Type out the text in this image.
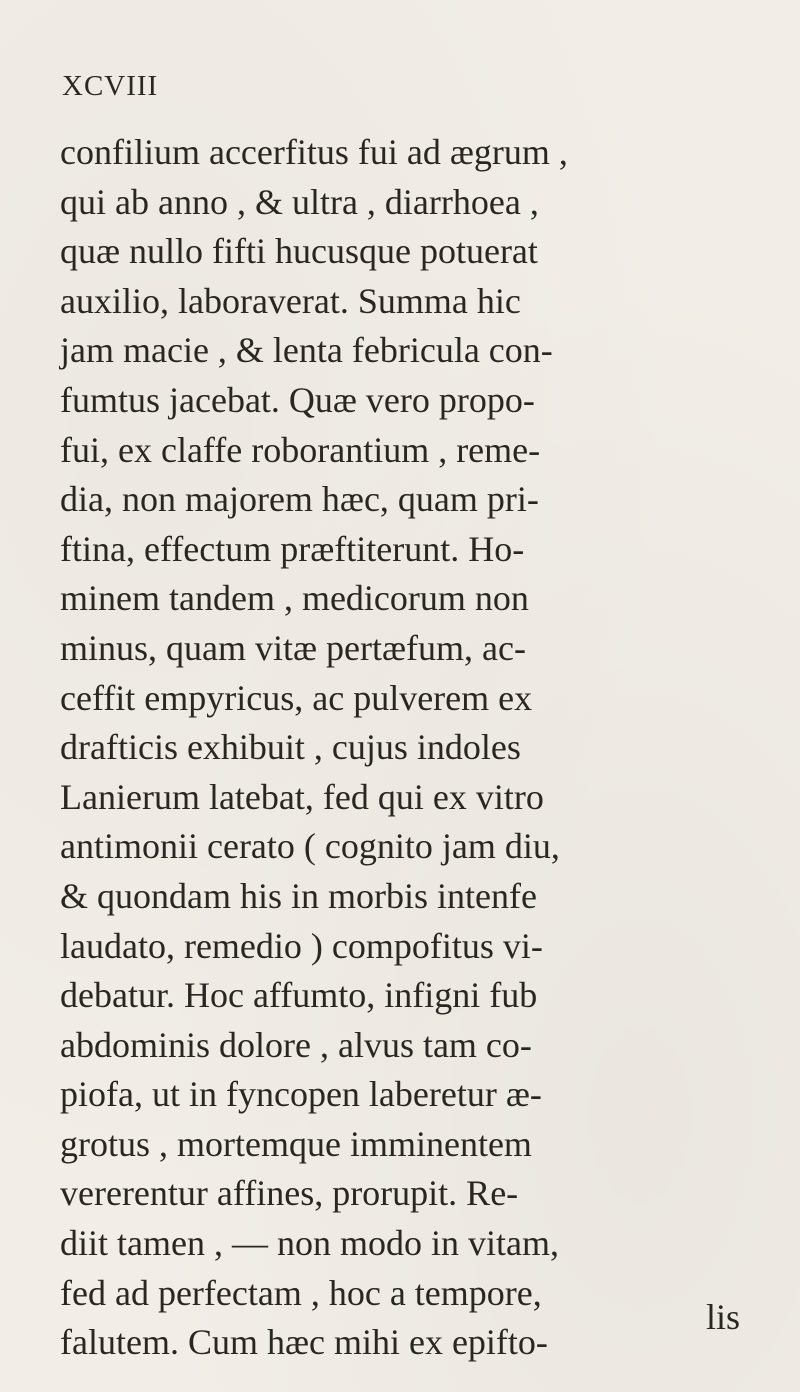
XCVIII
confilium accerfitus fui ad ægrum ,
qui ab anno , & ultra , diarrhoea ,
quæ nullo fifti hucusque potuerat
auxilio, laboraverat. Summa hic
jam macie , & lenta febricula con-
fumtus jacebat. Quæ vero propo-
fui, ex claffe roborantium , reme-
dia, non majorem hæc, quam pri-
ftina, effectum præftiterunt. Ho-
minem tandem , medicorum non
minus, quam vitæ pertæfum, ac-
ceffit empyricus, ac pulverem ex
drafticis exhibuit , cujus indoles
Lanierum latebat, fed qui ex vitro
antimonii cerato ( cognito jam diu,
& quondam his in morbis intenfe
laudato, remedio ) compofitus vi-
debatur. Hoc affumto, infigni fub
abdominis dolore , alvus tam co-
piofa, ut in fyncopen laberetur æ-
grotus , mortemque imminentem
vererentur affines, prorupit. Re-
diit tamen , — non modo in vitam,
fed ad perfectam , hoc a tempore,
falutem. Cum hæc mihi ex epifto-
lis
